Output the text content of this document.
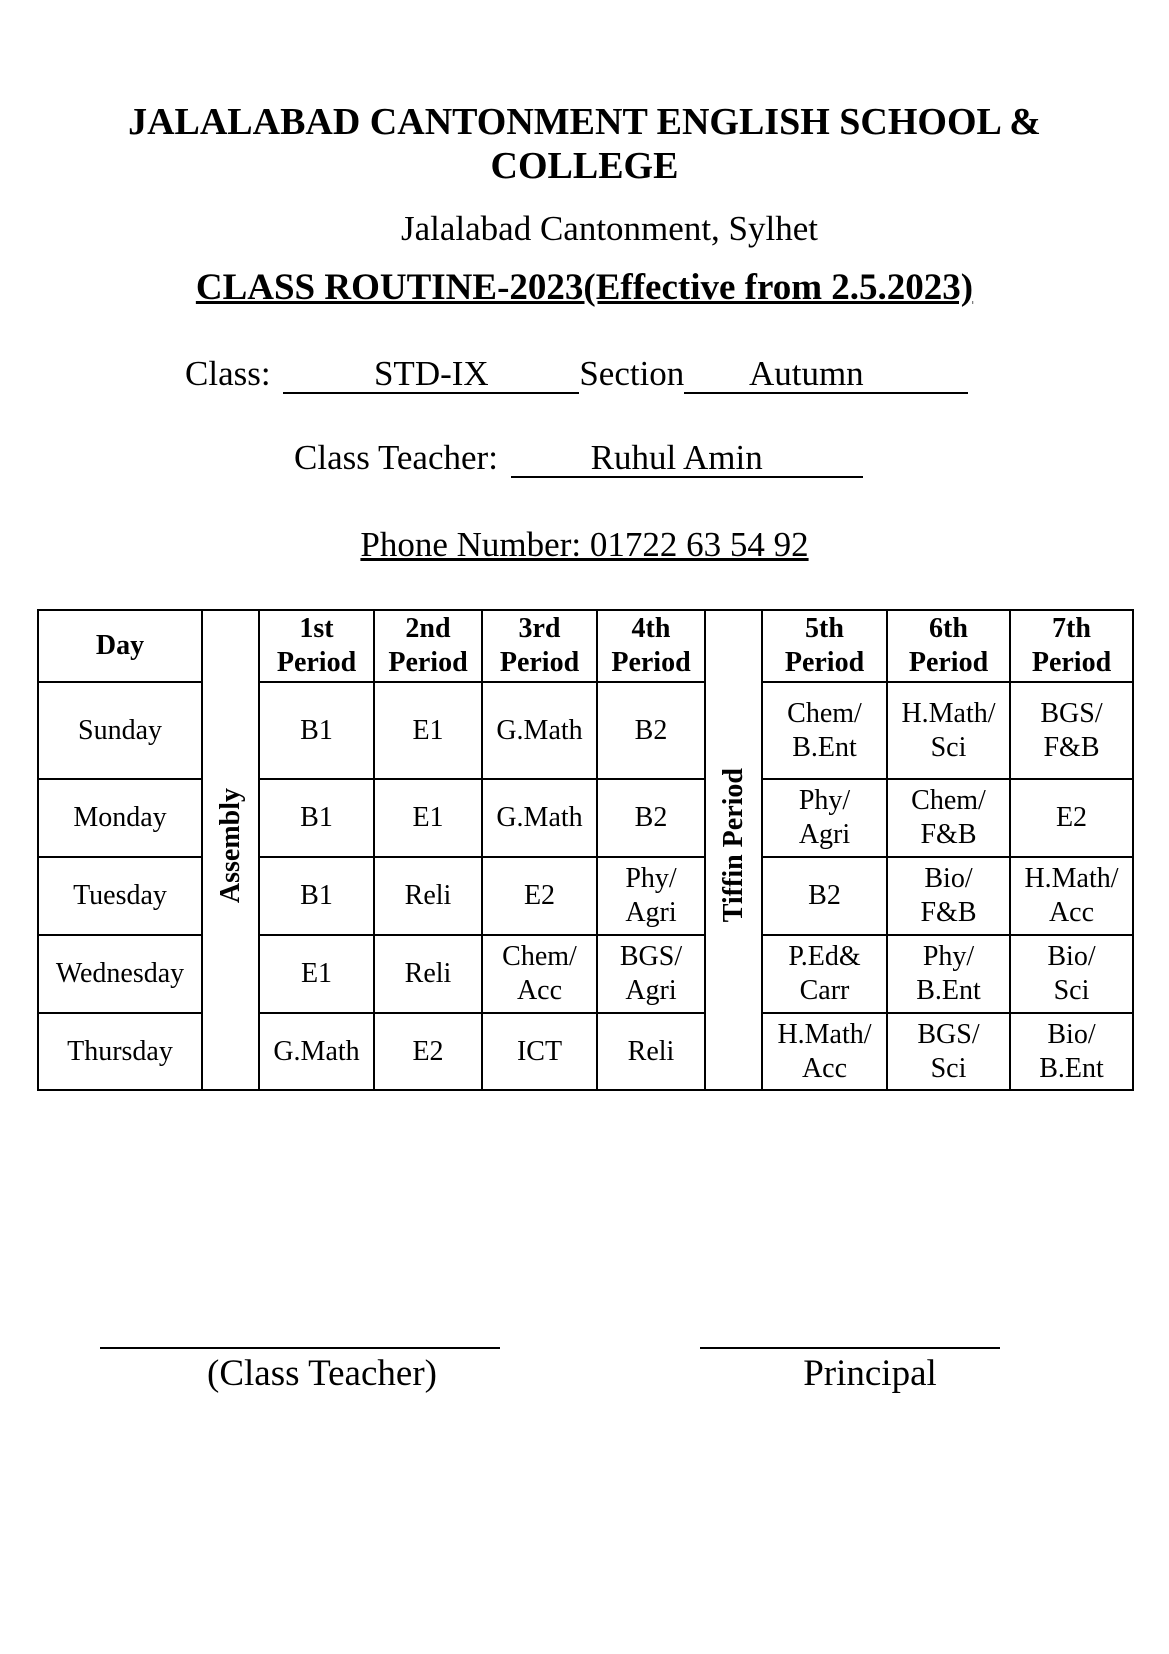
JALALABAD CANTONMENT ENGLISH SCHOOL & COLLEGE
Jalalabad Cantonment, Sylhet
CLASS ROUTINE-2023(Effective from 2.5.2023)
Class:	STD-IX	Section Autumn
Class Teacher:	Ruhul Amin
Phone Number: 01722 63 54 92
Day	Assembly	1st Period	2nd Period	3rd Period	4th Period	Tiffin Period	5th Period	6th Period	7th Period

Sunday		B1	E1	G.Math	B2		Chem/ B.Ent	H.Math/ Sci	BGS/ F&B

Monday		B1	E1	G.Math	B2		Phy/ Agri	Chem/ F&B	E2
Tuesday		B1	Reli	E2	Phy/ Agri		B2	Bio/ F&B	H.Math/ Acc

Wednesday		E1	Reli	Chem/ Acc	BGS/ Agri		P.Ed& Carr	Phy/ B.Ent	Bio/ Sci

Thursday		G.Math	E2	ICT	Reli		H.Math/ Acc	BGS/ Sci	Bio/ B.Ent
(Class Teacher)	Principal
